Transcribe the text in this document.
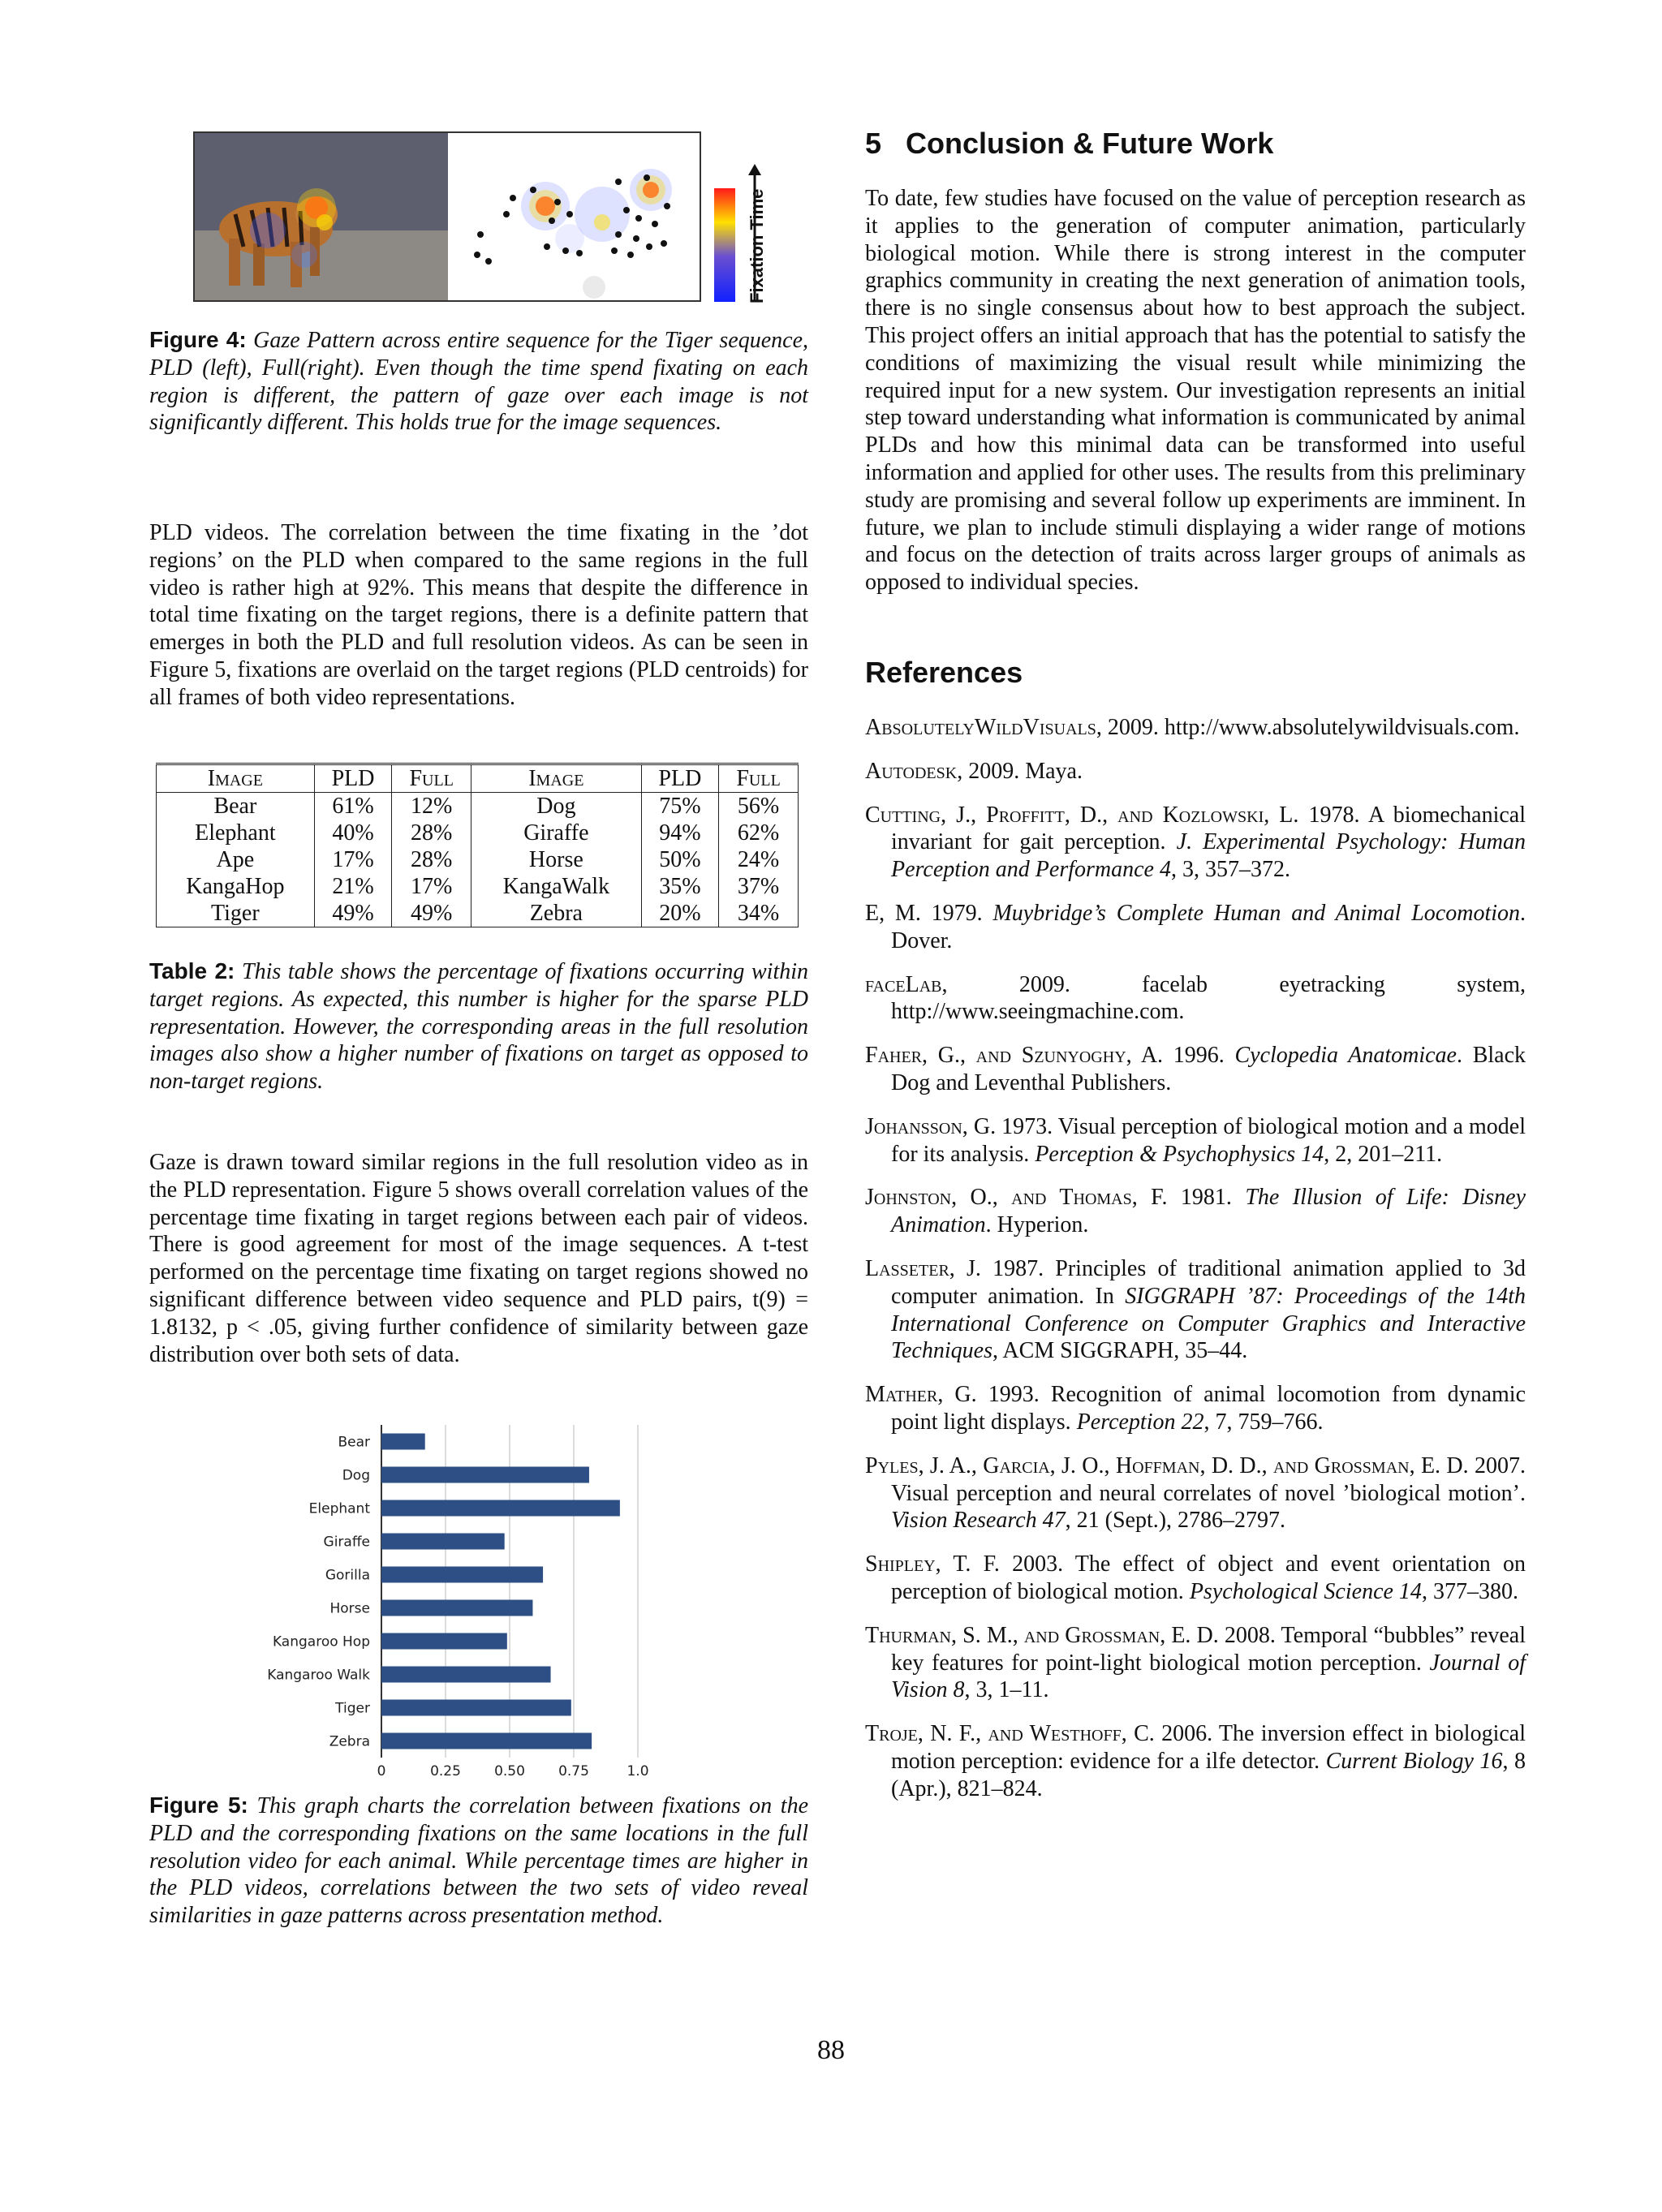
Fixation Time

Figure 4: Gaze Pattern across entire sequence for the Tiger sequence, PLD (left), Full(right). Even though the time spend fixating on each region is different, the pattern of gaze over each image is not significantly different. This holds true for the image sequences.

PLD videos. The correlation between the time fixating in the ’dot regions’ on the PLD when compared to the same regions in the full video is rather high at 92%. This means that despite the difference in total time fixating on the target regions, there is a definite pattern that emerges in both the PLD and full resolution videos. As can be seen in Figure 5, fixations are overlaid on the target regions (PLD centroids) for all frames of both video representations.

Image	PLD	Full	Image	PLD	Full
Bear	61%	12%	Dog	75%	56%
Elephant	40%	28%	Giraffe	94%	62%
Ape	17%	28%	Horse	50%	24%
KangaHop	21%	17%	KangaWalk	35%	37%
Tiger	49%	49%	Zebra	20%	34%

Table 2: This table shows the percentage of fixations occurring within target regions. As expected, this number is higher for the sparse PLD representation. However, the corresponding areas in the full resolution images also show a higher number of fixations on target as opposed to non-target regions.

Gaze is drawn toward similar regions in the full resolution video as in the PLD representation. Figure 5 shows overall correlation values of the percentage time fixating in target regions between each pair of videos. There is good agreement for most of the image sequences. A t-test performed on the percentage time fixating on target regions showed no significant difference between video sequence and PLD pairs, t(9) = 1.8132, p < .05, giving further confidence of similarity between gaze distribution over both sets of data.

Bear
Dog
Elephant
Giraffe
Gorilla
Horse
Kangaroo Hop
Kangaroo Walk
Tiger
Zebra
0	0.25 0.50 0.75	1.0

Figure 5: This graph charts the correlation between fixations on the PLD and the corresponding fixations on the same locations in the full resolution video for each animal. While percentage times are higher in the PLD videos, correlations between the two sets of video reveal similarities in gaze patterns across presentation method.

5   Conclusion & Future Work

To date, few studies have focused on the value of perception research as it applies to the generation of computer animation, particularly biological motion. While there is strong interest in the computer graphics community in creating the next generation of animation tools, there is no single consensus about how to best approach the subject. This project offers an initial approach that has the potential to satisfy the conditions of maximizing the visual result while minimizing the required input for a new system. Our investigation represents an initial step toward understanding what information is communicated by animal PLDs and how this minimal data can be transformed into useful information and applied for other uses. The results from this preliminary study are promising and several follow up experiments are imminent. In future, we plan to include stimuli displaying a wider range of motions and focus on the detection of traits across larger groups of animals as opposed to individual species.

References

AbsolutelyWildVisuals, 2009. http://www.absolutelywildvisuals.com.

Autodesk, 2009. Maya.

Cutting, J., Proffitt, D., and Kozlowski, L. 1978. A biomechanical invariant for gait perception. J. Experimental Psychology: Human Perception and Performance 4, 3, 357–372.

E, M. 1979. Muybridge’s Complete Human and Animal Locomotion. Dover.

faceLab, 2009. facelab eyetracking system, http://www.seeingmachine.com.

Faher, G., and Szunyoghy, A. 1996. Cyclopedia Anatomicae. Black Dog and Leventhal Publishers.

Johansson, G. 1973. Visual perception of biological motion and a model for its analysis. Perception & Psychophysics 14, 2, 201–211.

Johnston, O., and Thomas, F. 1981. The Illusion of Life: Disney Animation. Hyperion.

Lasseter, J. 1987. Principles of traditional animation applied to 3d computer animation. In SIGGRAPH ’87: Proceedings of the 14th International Conference on Computer Graphics and Interactive Techniques, ACM SIGGRAPH, 35–44.

Mather, G. 1993. Recognition of animal locomotion from dynamic point light displays. Perception 22, 7, 759–766.

Pyles, J. A., Garcia, J. O., Hoffman, D. D., and Grossman, E. D. 2007. Visual perception and neural correlates of novel ’biological motion’. Vision Research 47, 21 (Sept.), 2786–2797.

Shipley, T. F. 2003. The effect of object and event orientation on perception of biological motion. Psychological Science 14, 377–380.

Thurman, S. M., and Grossman, E. D. 2008. Temporal “bubbles” reveal key features for point-light biological motion perception. Journal of Vision 8, 3, 1–11.

Troje, N. F., and Westhoff, C. 2006. The inversion effect in biological motion perception: evidence for a ilfe detector. Current Biology 16, 8 (Apr.), 821–824.

88
